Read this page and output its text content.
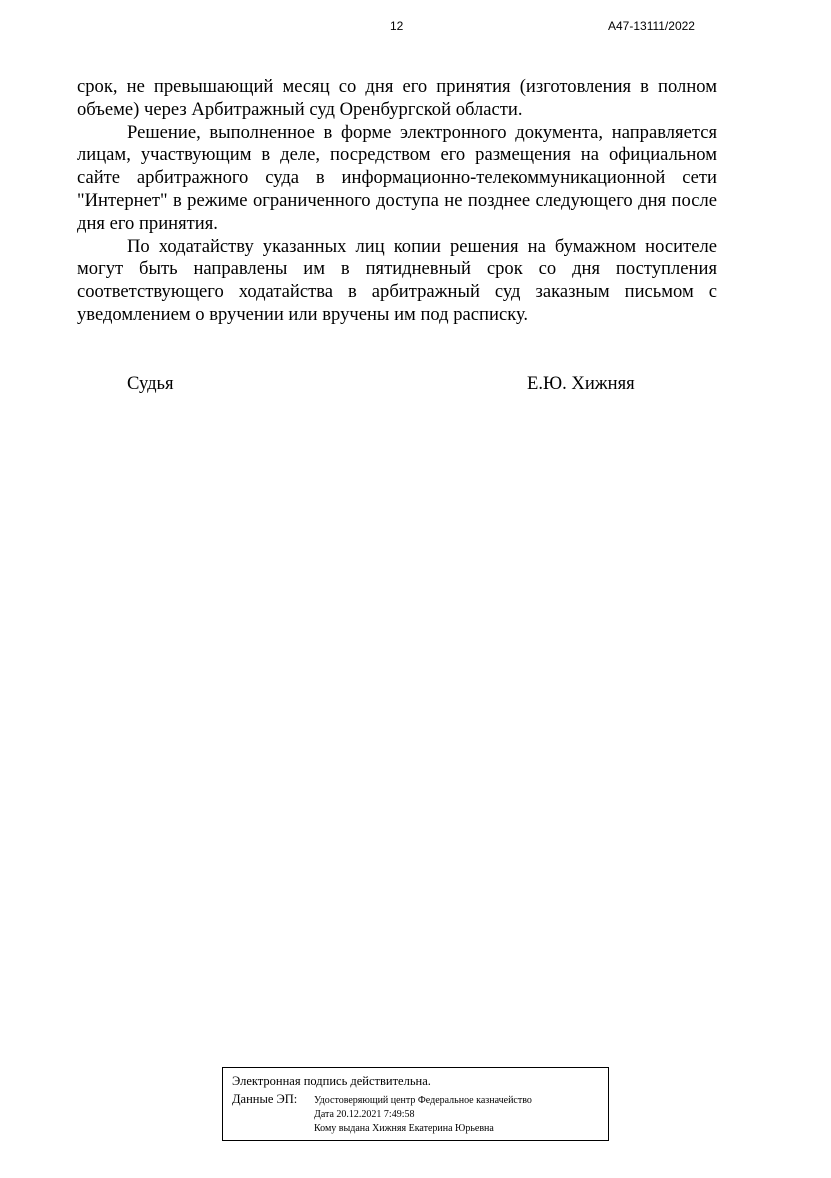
12	А47-13111/2022

срок, не превышающий месяц со дня его принятия (изготовления в полном объеме) через Арбитражный суд Оренбургской области.

Решение, выполненное в форме электронного документа, направляется лицам, участвующим в деле, посредством его размещения на официальном сайте арбитражного суда в информационно-телекоммуникационной сети "Интернет" в режиме ограниченного доступа не позднее следующего дня после дня его принятия.

По ходатайству указанных лиц копии решения на бумажном носителе могут быть направлены им в пятидневный срок со дня поступления соответствующего ходатайства в арбитражный суд заказным письмом с уведомлением о вручении или вручены им под расписку.

Судья	Е.Ю. Хижняя
Электронная подпись действительна.
Данные ЭП: Удостоверяющий центр Федеральное казначейство
Дата 20.12.2021 7:49:58
Кому выдана Хижняя Екатерина Юрьевна
